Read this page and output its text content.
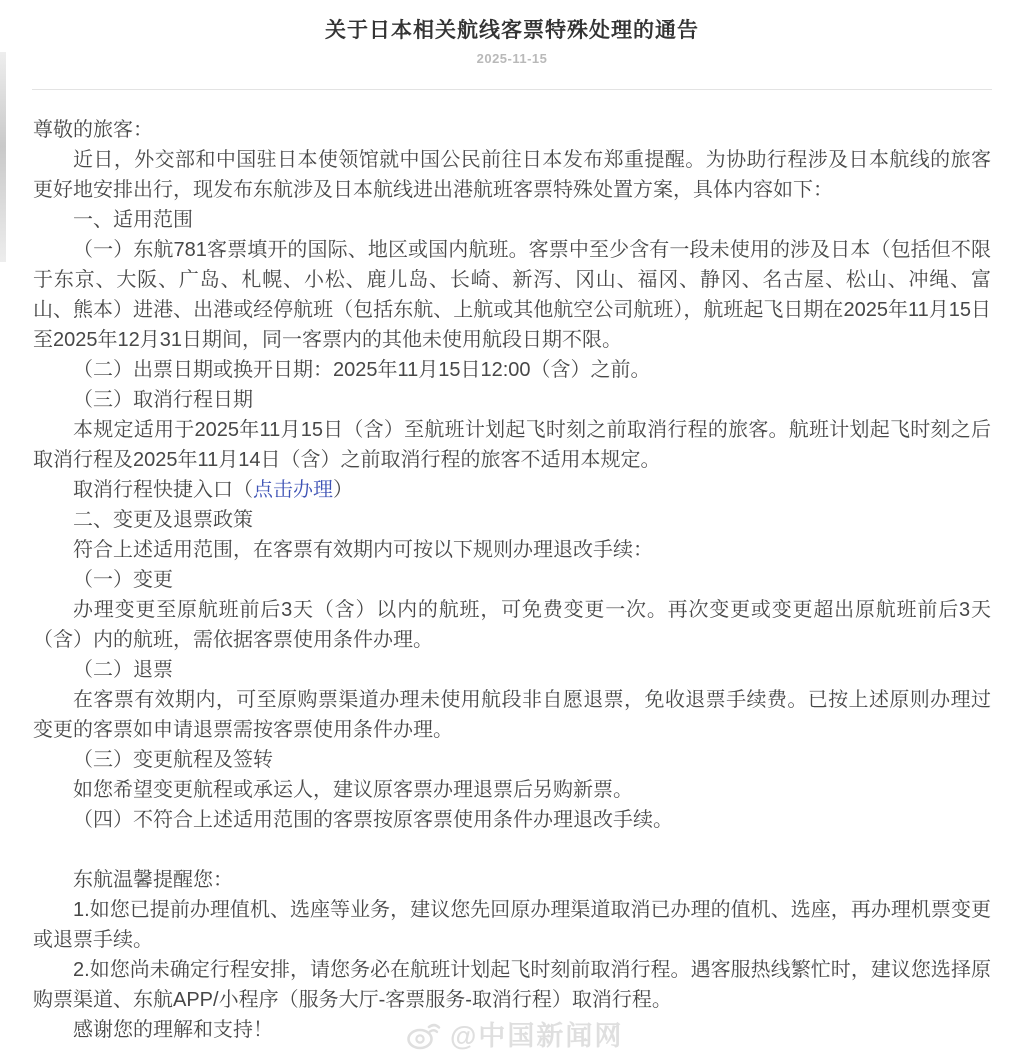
关于日本相关航线客票特殊处理的通告
2025-11-15

尊敬的旅客：

近日，外交部和中国驻日本使领馆就中国公民前往日本发布郑重提醒。为协助行程涉及日本航线的旅客更好地安排出行，现发布东航涉及日本航线进出港航班客票特殊处置方案，具体内容如下：

一、适用范围

（一）东航781客票填开的国际、地区或国内航班。客票中至少含有一段未使用的涉及日本（包括但不限于东京、大阪、广岛、札幌、小松、鹿儿岛、长崎、新泻、冈山、福冈、静冈、名古屋、松山、冲绳、富山、熊本）进港、出港或经停航班（包括东航、上航或其他航空公司航班），航班起飞日期在2025年11月15日至2025年12月31日期间，同一客票内的其他未使用航段日期不限。

（二）出票日期或换开日期：2025年11月15日12:00（含）之前。

（三）取消行程日期

本规定适用于2025年11月15日（含）至航班计划起飞时刻之前取消行程的旅客。航班计划起飞时刻之后取消行程及2025年11月14日（含）之前取消行程的旅客不适用本规定。

取消行程快捷入口（点击办理）

二、变更及退票政策

符合上述适用范围，在客票有效期内可按以下规则办理退改手续：

（一）变更

办理变更至原航班前后3天（含）以内的航班，可免费变更一次。再次变更或变更超出原航班前后3天（含）内的航班，需依据客票使用条件办理。

（二）退票

在客票有效期内，可至原购票渠道办理未使用航段非自愿退票，免收退票手续费。已按上述原则办理过变更的客票如申请退票需按客票使用条件办理。

（三）变更航程及签转

如您希望变更航程或承运人，建议原客票办理退票后另购新票。

（四）不符合上述适用范围的客票按原客票使用条件办理退改手续。

东航温馨提醒您：

1.如您已提前办理值机、选座等业务，建议您先回原办理渠道取消已办理的值机、选座，再办理机票变更或退票手续。

2.如您尚未确定行程安排，请您务必在航班计划起飞时刻前取消行程。遇客服热线繁忙时，建议您选择原购票渠道、东航APP/小程序（服务大厅-客票服务-取消行程）取消行程。

感谢您的理解和支持！	@中国新闻网
